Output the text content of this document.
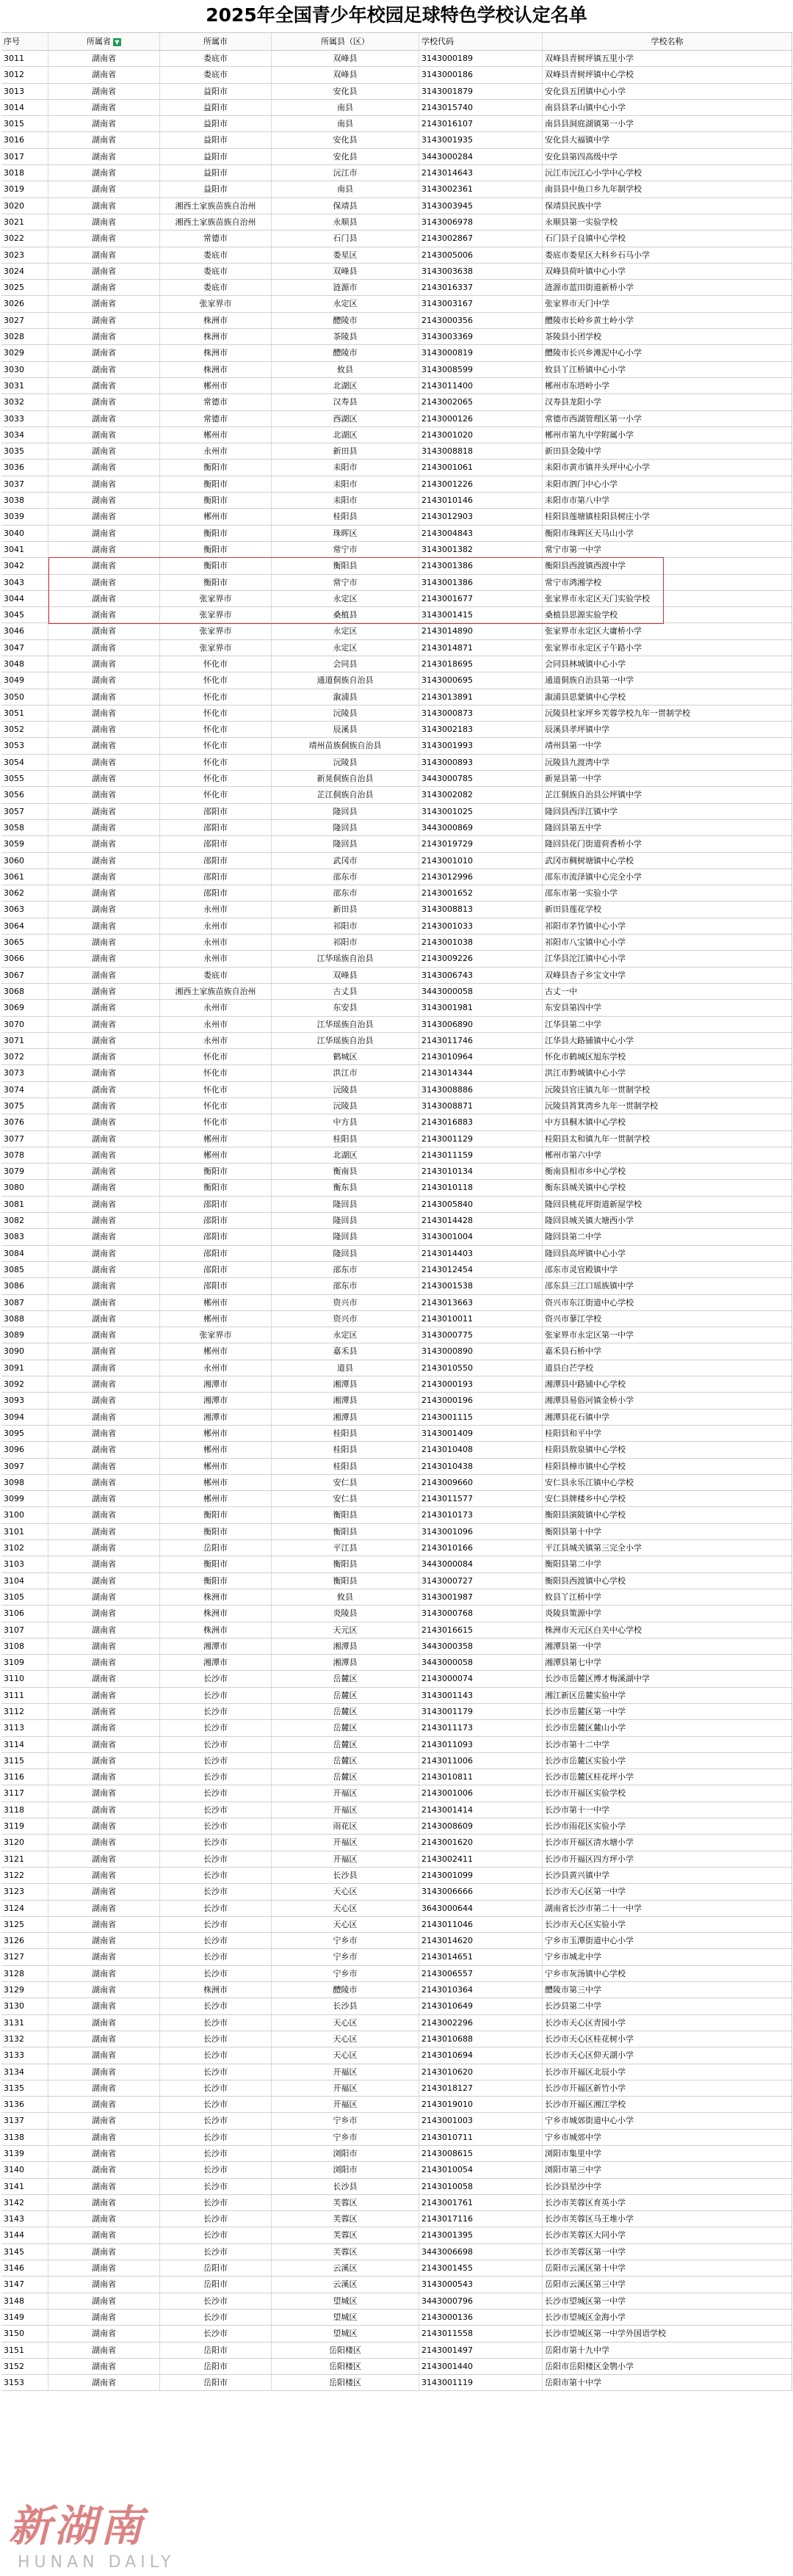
2025年全国青少年校园足球特色学校认定名单
序号	所属省 ▼	所属市	所属县（区）	学校代码	学校名称
3011	湖南省	娄底市	双峰县	3143000189	双峰县青树坪镇五里小学
3012	湖南省	娄底市	双峰县	3143000186	双峰县青树坪镇中心学校
3013	湖南省	益阳市	安化县	3143001879	安化县五团镇中心小学
3014	湖南省	益阳市	南县	2143015740	南县县茅山镇中心小学
3015	湖南省	益阳市	南县	2143016107	南县县洞庭湖镇第一小学
3016	湖南省	益阳市	安化县	3143001935	安化县大福镇中学
3017	湖南省	益阳市	安化县	3443000284	安化县第四高级中学
3018	湖南省	益阳市	沅江市	2143014643	沅江市沅江心小学中心学校
3019	湖南省	益阳市	南县	3143002361	南县县中鱼口乡九年制学校
3020	湖南省	湘西土家族苗族自治州	保靖县	3143003945	保靖县民族中学
3021	湖南省	湘西土家族苗族自治州	永顺县	3143006978	永顺县第一实验学校
3022	湖南省	常德市	石门县	2143002867	石门县子良镇中心学校
3023	湖南省	娄底市	娄星区	2143005006	娄底市娄星区大科乡石马小学
3024	湖南省	娄底市	双峰县	3143003638	双峰县荷叶镇中心小学
3025	湖南省	娄底市	涟源市	2143016337	涟源市蓝田街道新桥小学
3026	湖南省	张家界市	永定区	3143003167	张家界市天门中学
3027	湖南省	株洲市	醴陵市	2143000356	醴陵市长岭乡黄土岭小学
3028	湖南省	株洲市	茶陵县	3143003369	茶陵县小团学校
3029	湖南省	株洲市	醴陵市	3143000819	醴陵市长兴乡滩泥中心小学
3030	湖南省	株洲市	攸县	3143008599	攸县丫江桥镇中心小学
3031	湖南省	郴州市	北湖区	2143011400	郴州市东塔岭小学
3032	湖南省	常德市	汉寿县	2143002065	汉寿县龙阳小学
3033	湖南省	常德市	西湖区	2143000126	常德市西湖管理区第一小学
3034	湖南省	郴州市	北湖区	2143001020	郴州市第九中学附属小学
3035	湖南省	永州市	新田县	3143008818	新田县金陵中学
3036	湖南省	衡阳市	耒阳市	2143001061	耒阳市黄市镇井头坪中心小学
3037	湖南省	衡阳市	耒阳市	2143001226	耒阳市泗门中心小学
3038	湖南省	衡阳市	耒阳市	2143010146	耒阳市市第八中学
3039	湖南省	郴州市	桂阳县	2143012903	桂阳县莲塘镇桂阳县树庄小学
3040	湖南省	衡阳市	珠晖区	2143004843	衡阳市珠晖区天马山小学
3041	湖南省	衡阳市	常宁市	3143001382	常宁市第一中学
3042	湖南省	衡阳市	衡阳县	2143001386	衡阳县西渡镇西渡中学
3043	湖南省	衡阳市	常宁市	3143001386	常宁市鸿湘学校
3044	湖南省	张家界市	永定区	2143001677	张家界市永定区天门实验学校
3045	湖南省	张家界市	桑植县	3143001415	桑植县思源实验学校
3046	湖南省	张家界市	永定区	2143014890	张家界市永定区大庸桥小学
3047	湖南省	张家界市	永定区	2143014871	张家界市永定区子午路小学
3048	湖南省	怀化市	会同县	2143018695	会同县林城镇中心小学
3049	湖南省	怀化市	通道侗族自治县	3143000695	通道侗族自治县第一中学
3050	湖南省	怀化市	溆浦县	2143013891	溆浦县思蒙镇中心学校
3051	湖南省	怀化市	沅陵县	3143000873	沅陵县杜家坪乡芙蓉学校九年一贯制学校
3052	湖南省	怀化市	辰溪县	3143002183	辰溪县孝坪镇中学
3053	湖南省	怀化市	靖州苗族侗族自治县	3143001993	靖州县第一中学
3054	湖南省	怀化市	沅陵县	3143000893	沅陵县九渡湾中学
3055	湖南省	怀化市	新晃侗族自治县	3443000785	新晃县第一中学
3056	湖南省	怀化市	芷江侗族自治县	3143002082	芷江侗族自治县公坪镇中学
3057	湖南省	邵阳市	隆回县	3143001025	隆回县西洋江镇中学
3058	湖南省	邵阳市	隆回县	3443000869	隆回县第五中学
3059	湖南省	邵阳市	隆回县	2143019729	隆回县花门街道荷香桥小学
3060	湖南省	邵阳市	武冈市	2143001010	武冈市稠树塘镇中心学校
3061	湖南省	邵阳市	邵东市	2143012996	邵东市流泽镇中心完全小学
3062	湖南省	邵阳市	邵东市	2143001652	邵东市第一实验小学
3063	湖南省	永州市	新田县	3143008813	新田县莲花学校
3064	湖南省	永州市	祁阳市	2143001033	祁阳市茅竹镇中心小学
3065	湖南省	永州市	祁阳市	2143001038	祁阳市八宝镇中心小学
3066	湖南省	永州市	江华瑶族自治县	2143009226	江华县沱江镇中心小学
3067	湖南省	娄底市	双峰县	3143006743	双峰县杏子乡宝文中学
3068	湖南省	湘西土家族苗族自治州	古丈县	3443000058	古丈一中
3069	湖南省	永州市	东安县	3143001981	东安县第四中学
3070	湖南省	永州市	江华瑶族自治县	3143006890	江华县第二中学
3071	湖南省	永州市	江华瑶族自治县	2143011746	江华县大路铺镇中心小学
3072	湖南省	怀化市	鹤城区	2143010964	怀化市鹤城区旭东学校
3073	湖南省	怀化市	洪江市	2143014344	洪江市黔城镇中心小学
3074	湖南省	怀化市	沅陵县	3143008886	沅陵县官庄镇九年一贯制学校
3075	湖南省	怀化市	沅陵县	3143008871	沅陵县筲箕湾乡九年一贯制学校
3076	湖南省	怀化市	中方县	2143016883	中方县桐木镇中心学校
3077	湖南省	郴州市	桂阳县	2143001129	桂阳县太和镇九年一贯制学校
3078	湖南省	郴州市	北湖区	2143011159	郴州市第六中学
3079	湖南省	衡阳市	衡南县	2143010134	衡南县相市乡中心学校
3080	湖南省	衡阳市	衡东县	2143010118	衡东县城关镇中心学校
3081	湖南省	邵阳市	隆回县	2143005840	隆回县桃花坪街道新屋学校
3082	湖南省	邵阳市	隆回县	2143014428	隆回县城关镇大塘西小学
3083	湖南省	邵阳市	隆回县	3143001004	隆回县第二中学
3084	湖南省	邵阳市	隆回县	2143014403	隆回县高坪镇中心小学
3085	湖南省	邵阳市	邵东市	2143012454	邵东市灵官殿镇中学
3086	湖南省	邵阳市	邵东市	2143001538	邵东县三江口瑶族镇中学
3087	湖南省	郴州市	资兴市	2143013663	资兴市东江街道中心学校
3088	湖南省	郴州市	资兴市	2143010011	资兴市蓼江学校
3089	湖南省	张家界市	永定区	3143000775	张家界市永定区第一中学
3090	湖南省	郴州市	嘉禾县	3143000890	嘉禾县石桥中学
3091	湖南省	永州市	道县	2143010550	道县白芒学校
3092	湖南省	湘潭市	湘潭县	2143000193	湘潭县中路铺中心学校
3093	湖南省	湘潭市	湘潭县	2143000196	湘潭县易俗河镇金桥小学
3094	湖南省	湘潭市	湘潭县	2143001115	湘潭县花石镇中学
3095	湖南省	郴州市	桂阳县	3143001409	桂阳县和平中学
3096	湖南省	郴州市	桂阳县	2143010408	桂阳县敖泉镇中心学校
3097	湖南省	郴州市	桂阳县	2143010438	桂阳县樟市镇中心学校
3098	湖南省	郴州市	安仁县	2143009660	安仁县永乐江镇中心学校
3099	湖南省	郴州市	安仁县	2143011577	安仁县牌楼乡中心学校
3100	湖南省	衡阳市	衡阳县	2143010173	衡阳县演陂镇中心学校
3101	湖南省	衡阳市	衡阳县	3143001096	衡阳县第十中学
3102	湖南省	岳阳市	平江县	2143010166	平江县城关镇第三完全小学
3103	湖南省	衡阳市	衡阳县	3443000084	衡阳县第二中学
3104	湖南省	衡阳市	衡阳县	3143000727	衡阳县西渡镇中心学校
3105	湖南省	株洲市	攸县	3143001987	攸县丫江桥中学
3106	湖南省	株洲市	炎陵县	3143000768	炎陵县策源中学
3107	湖南省	株洲市	天元区	2143016615	株洲市天元区白关中心学校
3108	湖南省	湘潭市	湘潭县	3443000358	湘潭县第一中学
3109	湖南省	湘潭市	湘潭县	3443000058	湘潭县第七中学
3110	湖南省	长沙市	岳麓区	2143000074	长沙市岳麓区博才梅溪湖中学
3111	湖南省	长沙市	岳麓区	3143001143	湘江新区岳麓实验中学
3112	湖南省	长沙市	岳麓区	3143001179	长沙市岳麓区第一中学
3113	湖南省	长沙市	岳麓区	2143011173	长沙市岳麓区麓山小学
3114	湖南省	长沙市	岳麓区	2143011093	长沙市第十二中学
3115	湖南省	长沙市	岳麓区	2143011006	长沙市岳麓区实验小学
3116	湖南省	长沙市	岳麓区	2143010811	长沙市岳麓区桂花坪小学
3117	湖南省	长沙市	开福区	2143001006	长沙市开福区实验学校
3118	湖南省	长沙市	开福区	2143001414	长沙市第十一中学
3119	湖南省	长沙市	雨花区	2143008609	长沙市雨花区实验小学
3120	湖南省	长沙市	开福区	2143001620	长沙市开福区清水塘小学
3121	湖南省	长沙市	开福区	2143002411	长沙市开福区四方坪小学
3122	湖南省	长沙市	长沙县	2143001099	长沙县黄兴镇中学
3123	湖南省	长沙市	天心区	3143006666	长沙市天心区第一中学
3124	湖南省	长沙市	天心区	3643000644	湖南省长沙市第二十一中学
3125	湖南省	长沙市	天心区	2143011046	长沙市天心区实验小学
3126	湖南省	长沙市	宁乡市	2143014620	宁乡市玉潭街道中心小学
3127	湖南省	长沙市	宁乡市	2143014651	宁乡市城北中学
3128	湖南省	长沙市	宁乡市	2143006557	宁乡市灰汤镇中心学校
3129	湖南省	株洲市	醴陵市	2143010364	醴陵市第三中学
3130	湖南省	长沙市	长沙县	2143010649	长沙县第二中学
3131	湖南省	长沙市	天心区	2143002296	长沙市天心区青园小学
3132	湖南省	长沙市	天心区	2143010688	长沙市天心区桂花树小学
3133	湖南省	长沙市	天心区	2143010694	长沙市天心区仰天湖小学
3134	湖南省	长沙市	开福区	2143010620	长沙市开福区北辰小学
3135	湖南省	长沙市	开福区	2143018127	长沙市开福区新竹小学
3136	湖南省	长沙市	开福区	2143019010	长沙市开福区湘江学校
3137	湖南省	长沙市	宁乡市	2143001003	宁乡市城郊街道中心小学
3138	湖南省	长沙市	宁乡市	2143010711	宁乡市城郊中学
3139	湖南省	长沙市	浏阳市	2143008615	浏阳市集里中学
3140	湖南省	长沙市	浏阳市	2143010054	浏阳市第三中学
3141	湖南省	长沙市	长沙县	2143010058	长沙县星沙中学
3142	湖南省	长沙市	芙蓉区	2143001761	长沙市芙蓉区育英小学
3143	湖南省	长沙市	芙蓉区	2143017116	长沙市芙蓉区马王堆小学
3144	湖南省	长沙市	芙蓉区	2143001395	长沙市芙蓉区大同小学
3145	湖南省	长沙市	芙蓉区	3443006698	长沙市芙蓉区第一中学
3146	湖南省	岳阳市	云溪区	2143001455	岳阳市云溪区第十中学
3147	湖南省	岳阳市	云溪区	3143000543	岳阳市云溪区第三中学
3148	湖南省	长沙市	望城区	3443000796	长沙市望城区第一中学
3149	湖南省	长沙市	望城区	2143000136	长沙市望城区金海小学
3150	湖南省	长沙市	望城区	2143011558	长沙市望城区第一中学外国语学校
3151	湖南省	岳阳市	岳阳楼区	2143001497	岳阳市第十九中学
3152	湖南省	岳阳市	岳阳楼区	2143001440	岳阳市岳阳楼区金鹗小学
3153	湖南省	岳阳市	岳阳楼区	3143001119	岳阳市第十中学
新湖南
HUNAN DAILY
